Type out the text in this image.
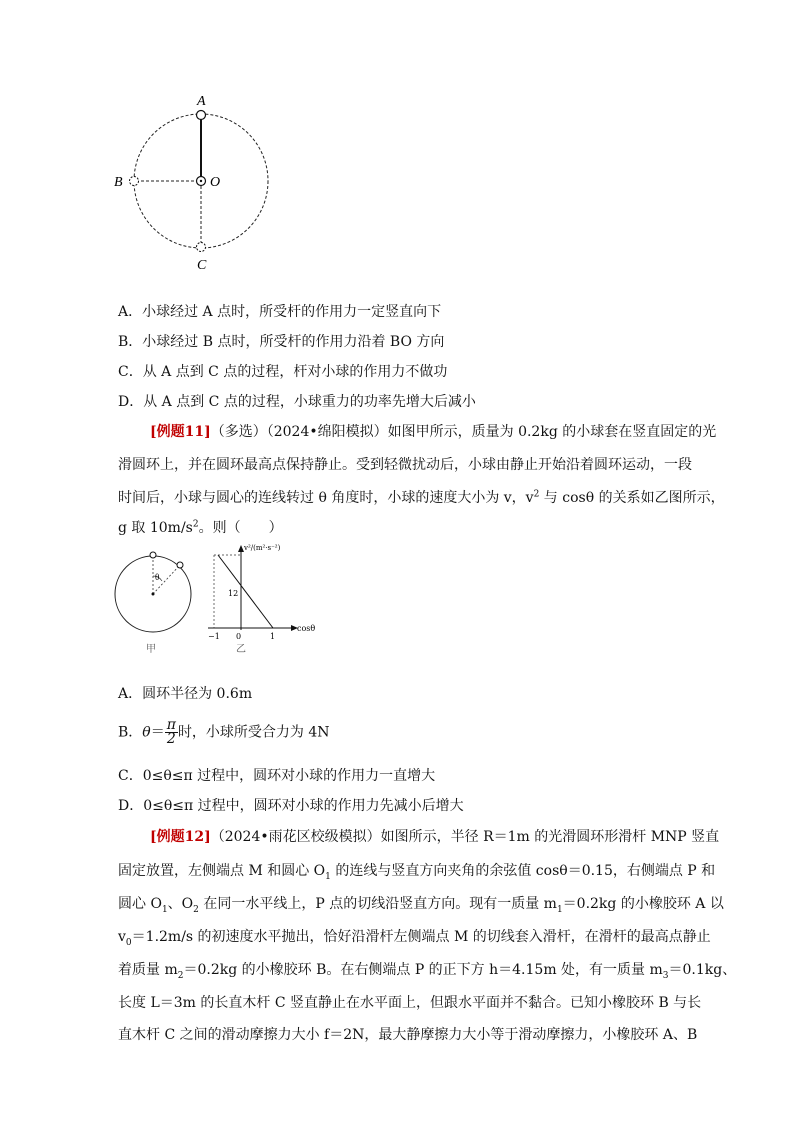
A
B	O
C
A．小球经过 A 点时，所受杆的作用力一定竖直向下
B．小球经过 B 点时，所受杆的作用力沿着 BO 方向
C．从 A 点到 C 点的过程，杆对小球的作用力不做功
D．从 A 点到 C 点的过程，小球重力的功率先增大后减小
[例题11]（多选）（2024•绵阳模拟）如图甲所示，质量为 0.2kg 的小球套在竖直固定的光
滑圆环上，并在圆环最高点保持静止。受到轻微扰动后，小球由静止开始沿着圆环运动，一段
时间后，小球与圆心的连线转过 θ 角度时，小球的速度大小为 v，$v^2$ 与 cosθ 的关系如乙图所示，
g 取 $10m/s^2$。则（　　）
θ
甲
v²/(m²·s⁻²)
cosθ
12
−1 0	1
乙
A．圆环半径为 0.6m
B．$\theta= \frac{\pi}{2}$ 时，小球所受合力为 4N
C．0≤θ≤π 过程中，圆环对小球的作用力一直增大
D．0≤θ≤π 过程中，圆环对小球的作用力先减小后增大
[例题12]（2024•雨花区校级模拟）如图所示，半径 R＝1m 的光滑圆环形滑杆 MNP 竖直
固定放置，左侧端点 M 和圆心 $O_1$ 的连线与竖直方向夹角的余弦值 cosθ＝0.15，右侧端点 P 和
圆心 $O_1$、$O_2$ 在同一水平线上，P 点的切线沿竖直方向。现有一质量 $m_1=0.2kg$ 的小橡胶环 A 以
$v_0=1.2m/s$ 的初速度水平抛出，恰好沿滑杆左侧端点 M 的切线套入滑杆，在滑杆的最高点静止
着质量 $m_2=0.2kg$ 的小橡胶环 B。在右侧端点 P 的正下方 h＝4.15m 处，有一质量 $m_3=0.1kg$、
长度 L＝3m 的长直木杆 C 竖直静止在水平面上，但跟水平面并不黏合。已知小橡胶环 B 与长
直木杆 C 之间的滑动摩擦力大小 f＝2N，最大静摩擦力大小等于滑动摩擦力，小橡胶环 A、B
